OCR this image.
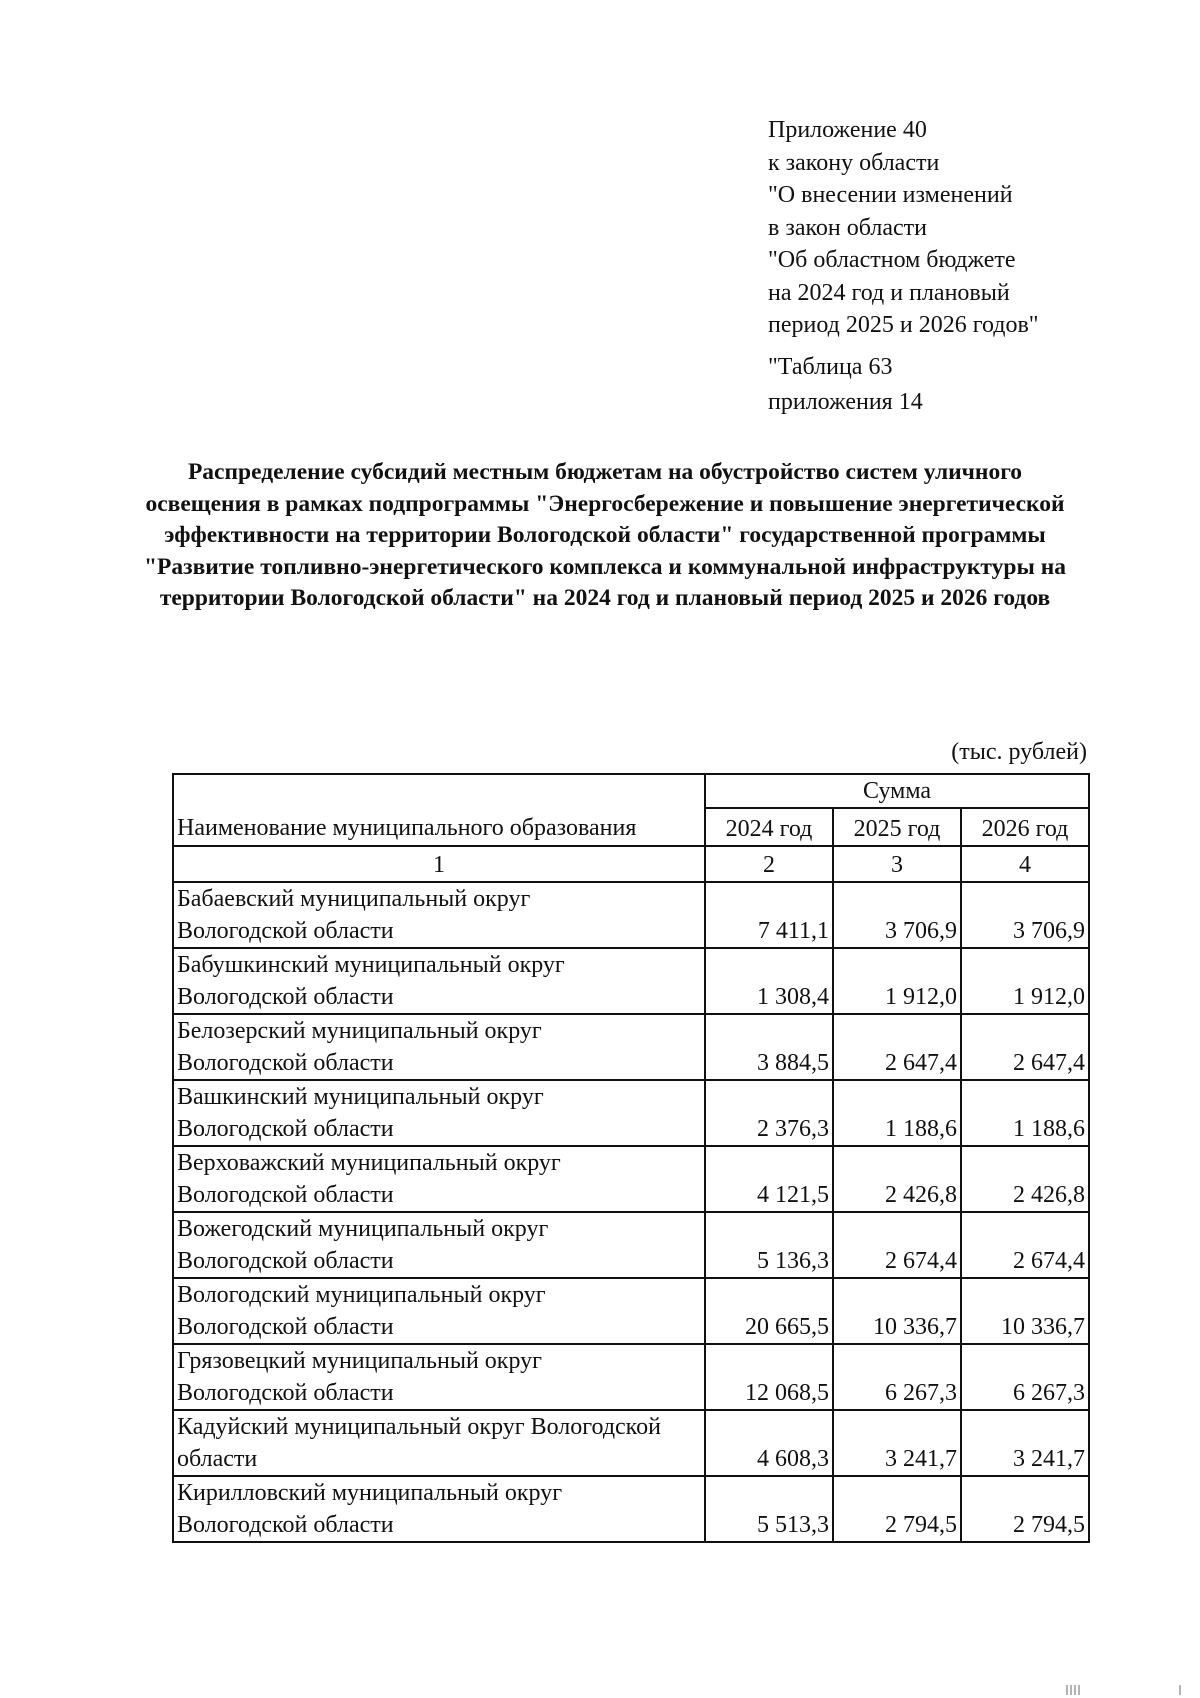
Приложение 40
к закону области
"О внесении изменений
в закон области
"Об областном бюджете
на 2024 год и плановый
период 2025 и 2026 годов"
"Таблица 63
приложения 14
Распределение субсидий местным бюджетам на обустройство систем уличного освещения в рамках подпрограммы "Энергосбережение и повышение энергетической эффективности на территории Вологодской области" государственной программы "Развитие топливно-энергетического комплекса и коммунальной инфраструктуры на территории Вологодской области" на 2024 год и плановый период 2025 и 2026 годов
(тыс. рублей)
Наименование муниципального образования	Сумма		
	2024 год	2025 год	2026 год
1	2	3	4
Бабаевский муниципальный округ
Вологодской области	7 411,1	3 706,9	3 706,9
Бабушкинский муниципальный округ
Вологодской области	1 308,4	1 912,0	1 912,0
Белозерский муниципальный округ
Вологодской области	3 884,5	2 647,4	2 647,4
Вашкинский муниципальный округ
Вологодской области	2 376,3	1 188,6	1 188,6
Верховажский муниципальный округ
Вологодской области	4 121,5	2 426,8	2 426,8
Вожегодский муниципальный округ
Вологодской области	5 136,3	2 674,4	2 674,4
Вологодский муниципальный округ
Вологодской области	20 665,5	10 336,7	10 336,7
Грязовецкий муниципальный округ
Вологодской области	12 068,5	6 267,3	6 267,3
Кадуйский муниципальный округ Вологодской
области	4 608,3	3 241,7	3 241,7
Кирилловский муниципальный округ
Вологодской области	5 513,3	2 794,5	2 794,5
